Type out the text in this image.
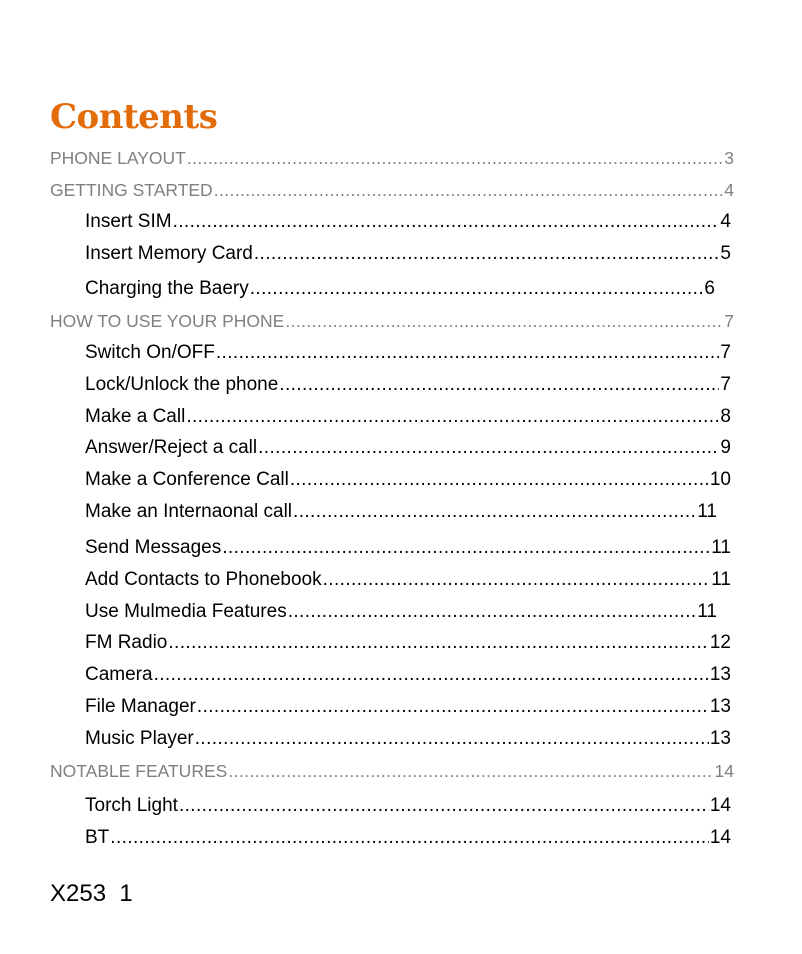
Contents
PHONE LAYOUT .....	3
GETTING STARTED .....	4
Insert SIM .....	4
Insert Memory Card .....	5
Charging the Baery .....	6
HOW TO USE YOUR PHONE .....	7
Switch On/OFF .....	7
Lock/Unlock the phone .....	7
Make a Call .....	8
Answer/Reject a call .....	9
Make a Conference Call .....	10
Make an Internaonal call .....	11
Send Messages .....	11
Add Contacts to Phonebook .....	11
Use Mulmedia Features .....	11
FM Radio .....	12
Camera .....	13
File Manager .....	13
Music Player .....	13
NOTABLE FEATURES .....	14
Torch Light .....	14
BT .....	14
X253  1
